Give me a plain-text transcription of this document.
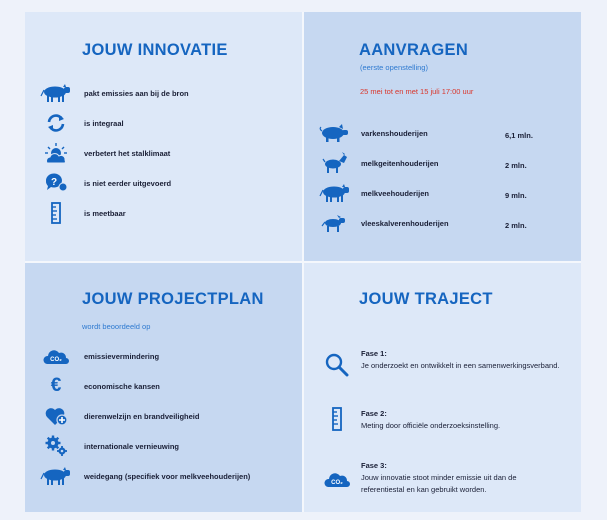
JOUW INNOVATIE
pakt emissies aan bij de bron
is integraal
verbetert het stalklimaat
?	is niet eerder uitgevoerd
is meetbaar
AANVRAGEN
(eerste openstelling)
25 mei tot en met 15 juli 17:00 uur
varkenshouderijen	6,1 mln.
melkgeitenhouderijen	2 mln.
melkveehouderijen	9 mln.
vleeskalverenhouderijen	2 mln.
JOUW PROJECTPLAN
wordt beoordeeld op
CO₂	emissievermindering
€	economische kansen
dierenwelzijn en brandveiligheid
internationale vernieuwing
weidegang (specifiek voor melkveehouderijen)
JOUW TRAJECT
Fase 1:
Je onderzoekt en ontwikkelt in een samenwerkingsverband.
Fase 2:
Meting door officiële onderzoeksinstelling.
CO₂
Fase 3:
Jouw innovatie stoot minder emissie uit dan de referentiestal en kan gebruikt worden.
